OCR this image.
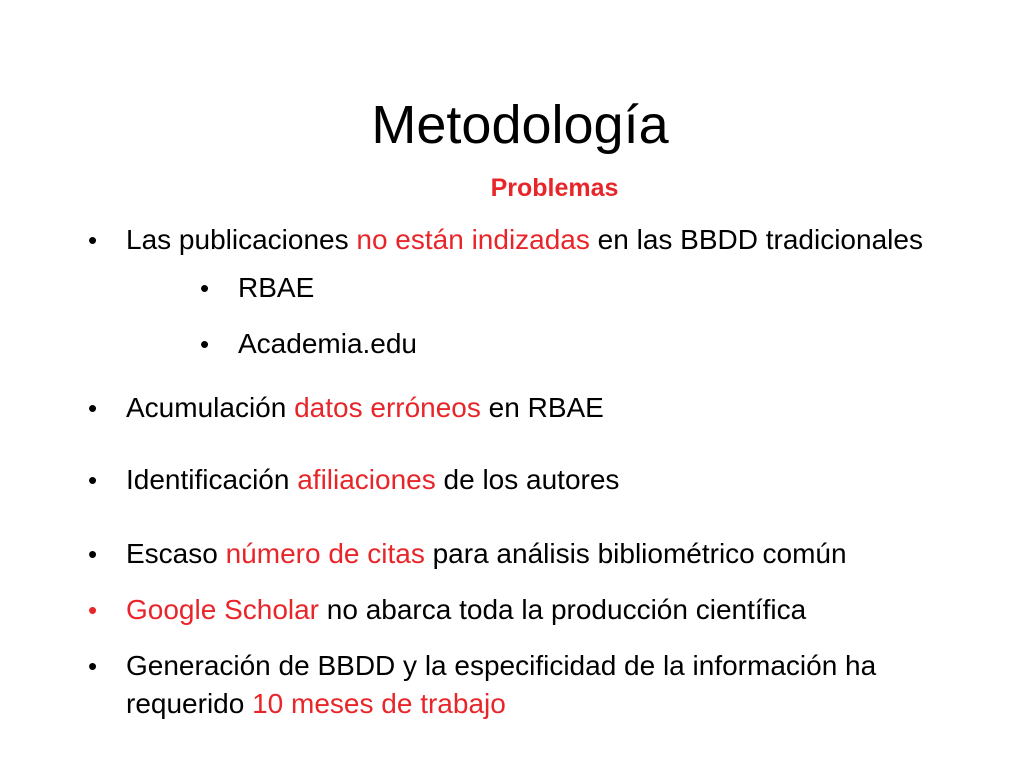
Metodología
Problemas
• Las publicaciones no están indizadas en las BBDD tradicionales
• RBAE
• Academia.edu
• Acumulación datos erróneos en RBAE
• Identificación afiliaciones de los autores
• Escaso número de citas para análisis bibliométrico común
• Google Scholar no abarca toda la producción científica
• Generación de BBDD y la especificidad de la información ha
requerido 10 meses de trabajo
